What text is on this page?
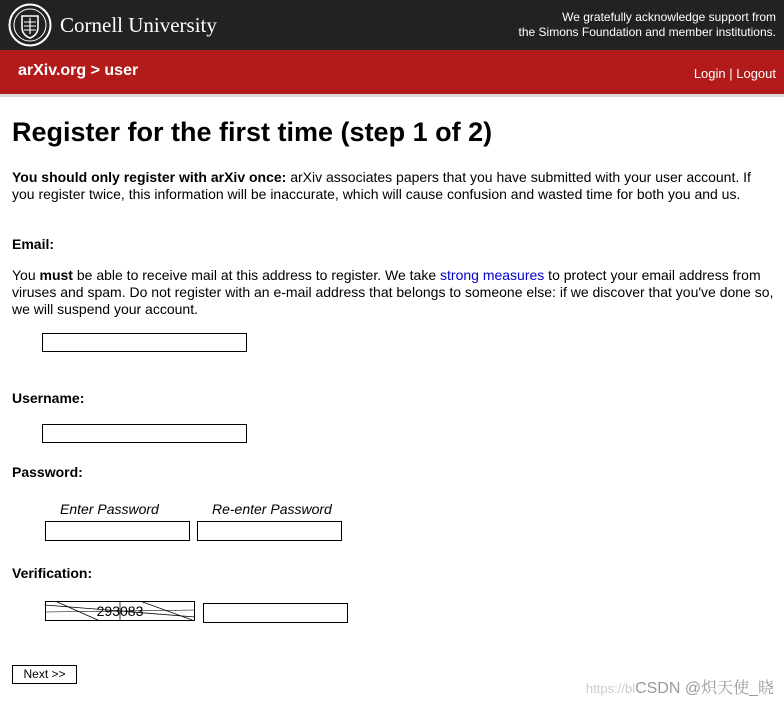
Cornell University	We gratefully acknowledge support from
the Simons Foundation and member institutions.
arXiv.org > user	Login | Logout
Register for the first time (step 1 of 2)
You should only register with arXiv once: arXiv associates papers that you have submitted with your user account. If you register twice, this information will be inaccurate, which will cause confusion and wasted time for both you and us.
Email:
You must be able to receive mail at this address to register. We take strong measures to protect your email address from viruses and spam. Do not register with an e-mail address that belongs to someone else: if we discover that you've done so, we will suspend your account.
Username:
Password:
Enter Password	Re-enter Password
Verification:
293083
Next >>
https://blCSDN @炽天使_晓
